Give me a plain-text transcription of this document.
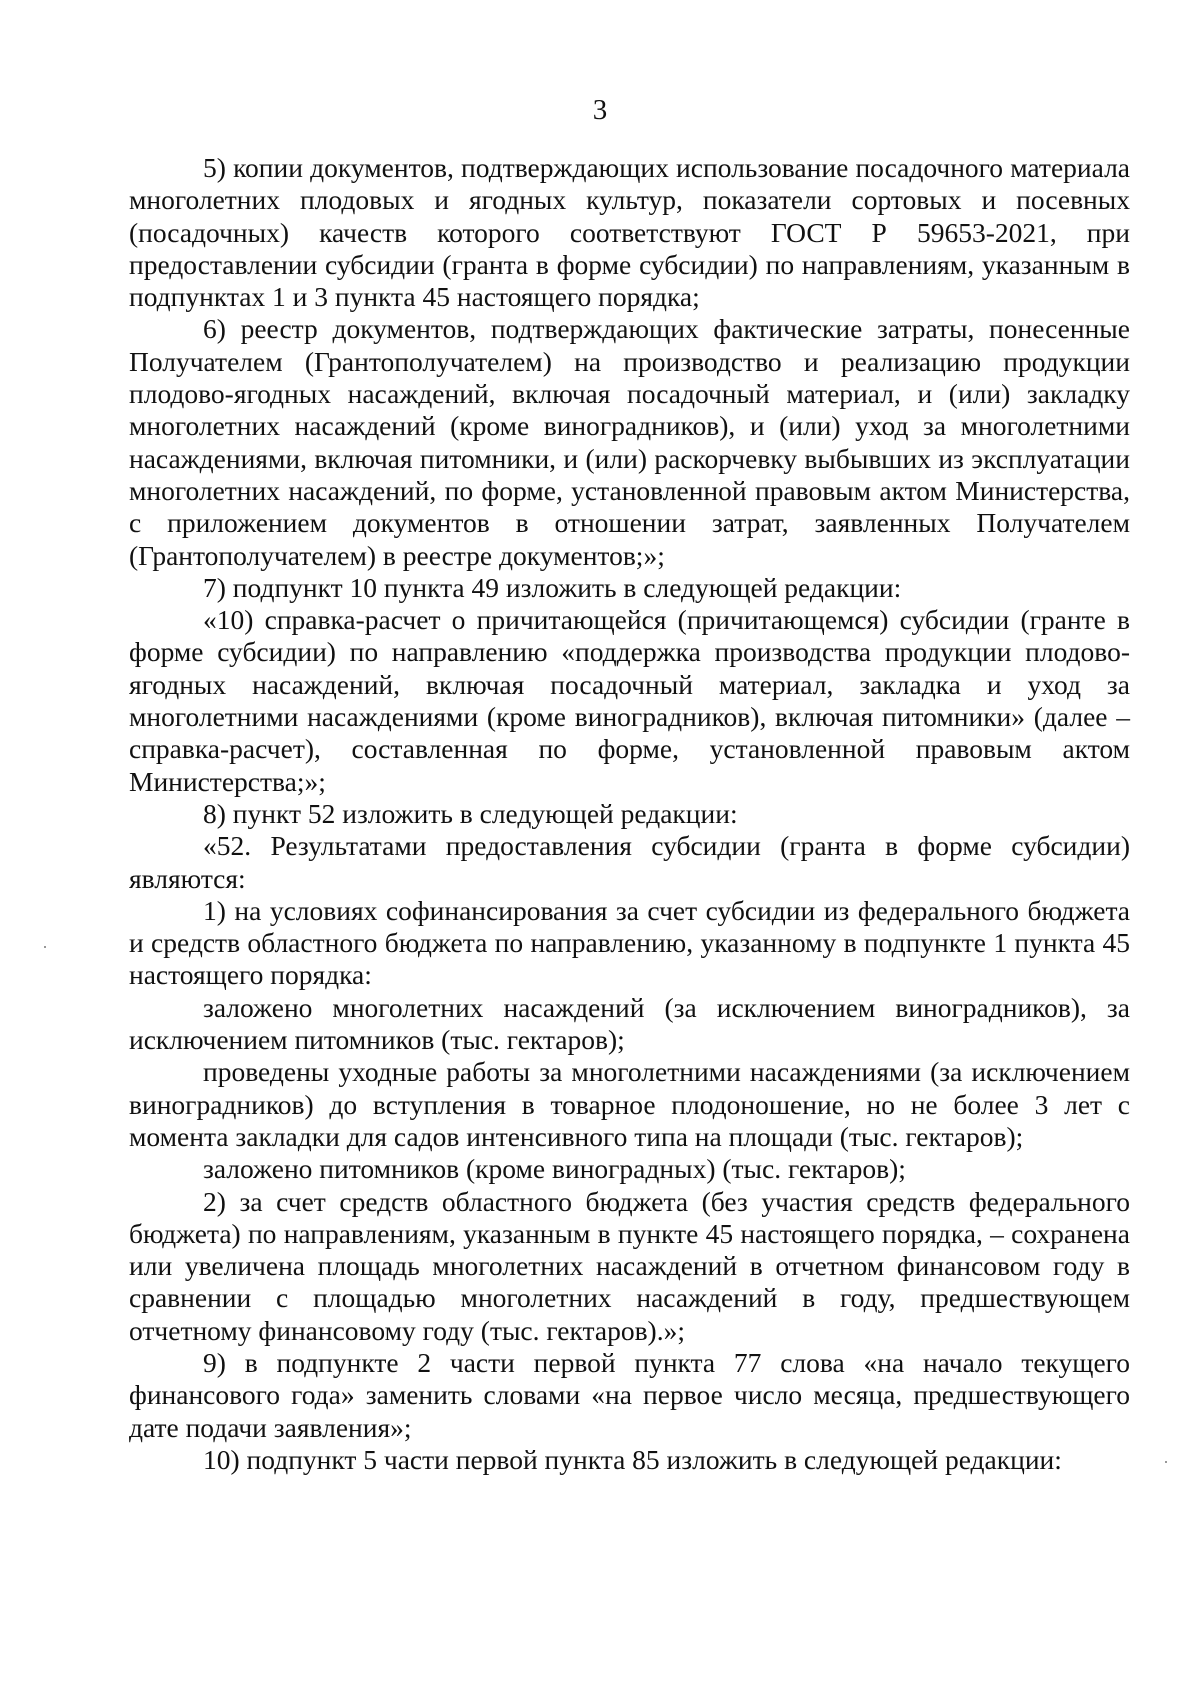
3

5) копии документов, подтверждающих использование посадочного материала многолетних плодовых и ягодных культур, показатели сортовых и посевных (посадочных) качеств которого соответствуют ГОСТ Р 59653-2021, при предоставлении субсидии (гранта в форме субсидии) по направлениям, указанным в подпунктах 1 и 3 пункта 45 настоящего порядка;

6) реестр документов, подтверждающих фактические затраты, понесенные Получателем (Грантополучателем) на производство и реализацию продукции плодово-ягодных насаждений, включая посадочный материал, и (или) закладку многолетних насаждений (кроме виноградников), и (или) уход за многолетними насаждениями, включая питомники, и (или) раскорчевку выбывших из эксплуатации многолетних насаждений, по форме, установленной правовым актом Министерства, с приложением документов в отношении затрат, заявленных Получателем (Грантополучателем) в реестре документов;»;

7) подпункт 10 пункта 49 изложить в следующей редакции:

«10) справка-расчет о причитающейся (причитающемся) субсидии (гранте в форме субсидии) по направлению «поддержка производства продукции плодово-ягодных насаждений, включая посадочный материал, закладка и уход за многолетними насаждениями (кроме виноградников), включая питомники» (далее – справка-расчет), составленная по форме, установленной правовым актом Министерства;»;

8) пункт 52 изложить в следующей редакции:

«52. Результатами предоставления субсидии (гранта в форме субсидии) являются:

1) на условиях софинансирования за счет субсидии из федерального бюджета и средств областного бюджета по направлению, указанному в подпункте 1 пункта 45 настоящего порядка:

заложено многолетних насаждений (за исключением виноградников), за исключением питомников (тыс. гектаров);

проведены уходные работы за многолетними насаждениями (за исключением виноградников) до вступления в товарное плодоношение, но не более 3 лет с момента закладки для садов интенсивного типа на площади (тыс. гектаров);

заложено питомников (кроме виноградных) (тыс. гектаров);

2) за счет средств областного бюджета (без участия средств федерального бюджета) по направлениям, указанным в пункте 45 настоящего порядка, – сохранена или увеличена площадь многолетних насаждений в отчетном финансовом году в сравнении с площадью многолетних насаждений в году, предшествующем отчетному финансовому году (тыс. гектаров).»;

9) в подпункте 2 части первой пункта 77 слова «на начало текущего финансового года» заменить словами «на первое число месяца, предшествующего дате подачи заявления»;

10) подпункт 5 части первой пункта 85 изложить в следующей редакции:
